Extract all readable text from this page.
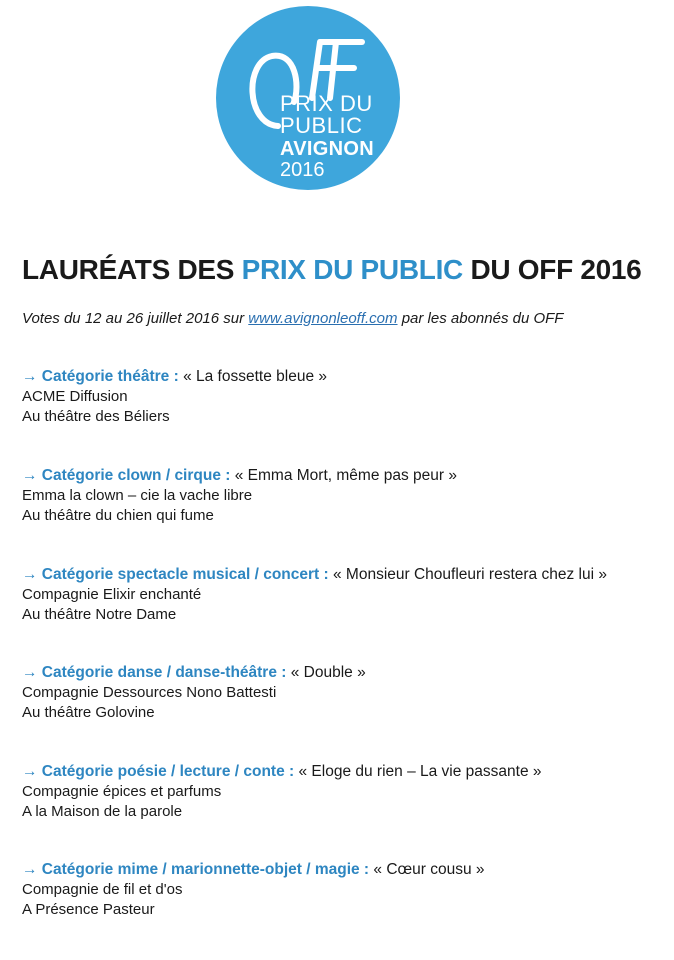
PRIX DU
PUBLIC
AVIGNON
2016
LAURÉATS DES PRIX DU PUBLIC DU OFF 2016

Votes du 12 au 26 juillet 2016 sur www.avignonleoff.com par les abonnés du OFF

→ Catégorie théâtre : « La fossette bleue »
ACME Diffusion
Au théâtre des Béliers
→ Catégorie clown / cirque : « Emma Mort, même pas peur »
Emma la clown – cie la vache libre
Au théâtre du chien qui fume
→ Catégorie spectacle musical / concert : « Monsieur Choufleuri restera chez lui »
Compagnie Elixir enchanté
Au théâtre Notre Dame
→ Catégorie danse / danse-théâtre : « Double »
Compagnie Dessources Nono Battesti
Au théâtre Golovine
→ Catégorie poésie / lecture / conte : « Eloge du rien – La vie passante »
Compagnie épices et parfums
A la Maison de la parole
→ Catégorie mime / marionnette-objet / magie : « Cœur cousu »
Compagnie de fil et d'os
A Présence Pasteur
